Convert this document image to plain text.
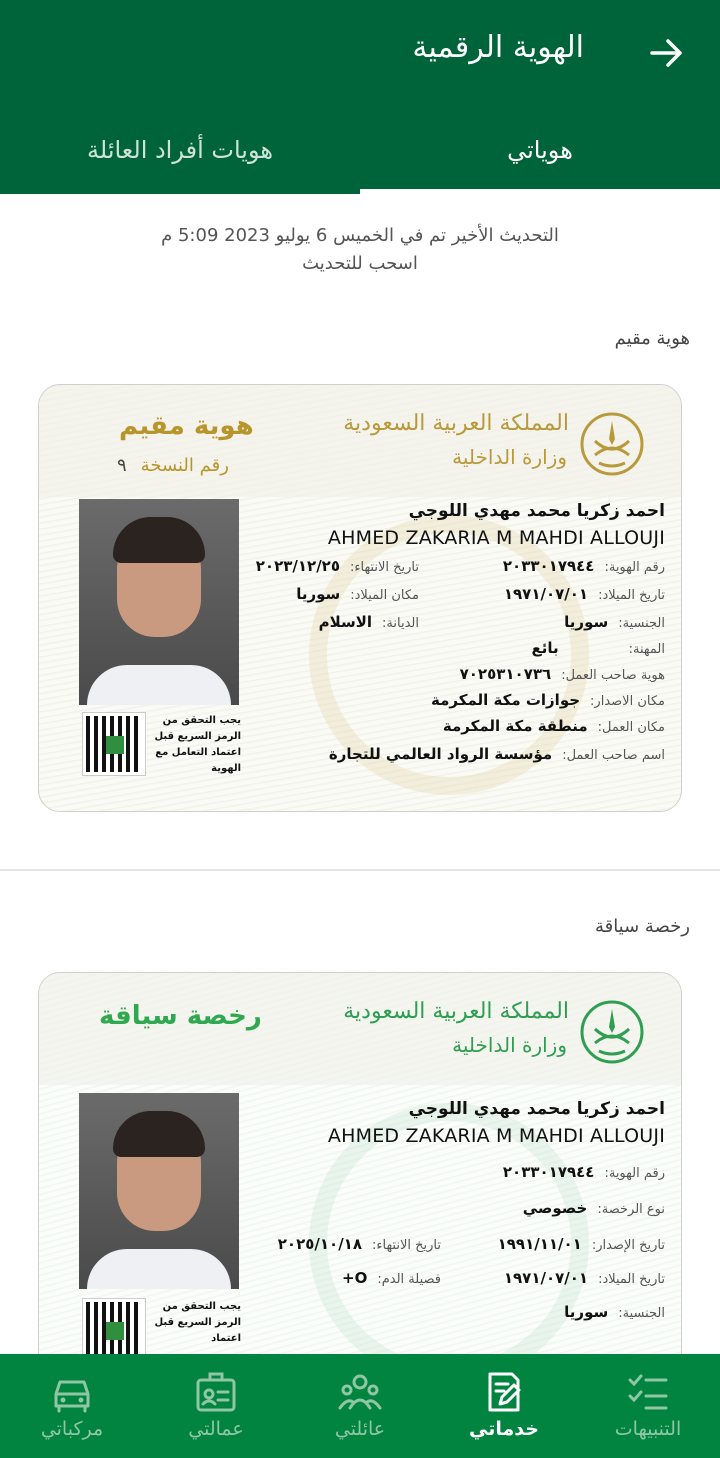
الهوية الرقمية
هوياتي
هويات أفراد العائلة
التحديث الأخير تم في الخميس 6 يوليو 2023 5:09 م
اسحب للتحديث
هوية مقيم
المملكة العربية السعودية
وزارة الداخلية
هوية مقيم
رقم النسخة٩
يجب التحقق من الرمز السريع قبل اعتماد التعامل مع الهوية
احمد زكريا محمد مهدي اللوجي
AHMED ZAKARIA M MAHDI ALLOUJI
رقم الهوية:٢٠٣٣٠١٧٩٤٤
تاريخ الانتهاء:٢٠٢٣/١٢/٢٥
تاريخ الميلاد:١٩٧١/٠٧/٠١
مكان الميلاد:سوريا
الجنسية:سوريا
الديانة:الاسلام
المهنة:بائع
هوية صاحب العمل:٧٠٢٥٣١٠٧٣٦
مكان الاصدار:جوازات مكة المكرمة
مكان العمل:منطقة مكة المكرمة
اسم صاحب العمل:مؤسسة الرواد العالمي للتجارة
رخصة سياقة
المملكة العربية السعودية
وزارة الداخلية
رخصة سياقة
يجب التحقق من الرمز السريع قبل اعتماد
احمد زكريا محمد مهدي اللوجي
AHMED ZAKARIA M MAHDI ALLOUJI
رقم الهوية:٢٠٣٣٠١٧٩٤٤
نوع الرخصة:خصوصي
تاريخ الإصدار:١٩٩١/١١/٠١
تاريخ الانتهاء:٢٠٢٥/١٠/١٨
تاريخ الميلاد:١٩٧١/٠٧/٠١
فصيلة الدم:O+
الجنسية:سوريا
التنبيهات
خدماتي
عائلتي
عمالتي
مركباتي
